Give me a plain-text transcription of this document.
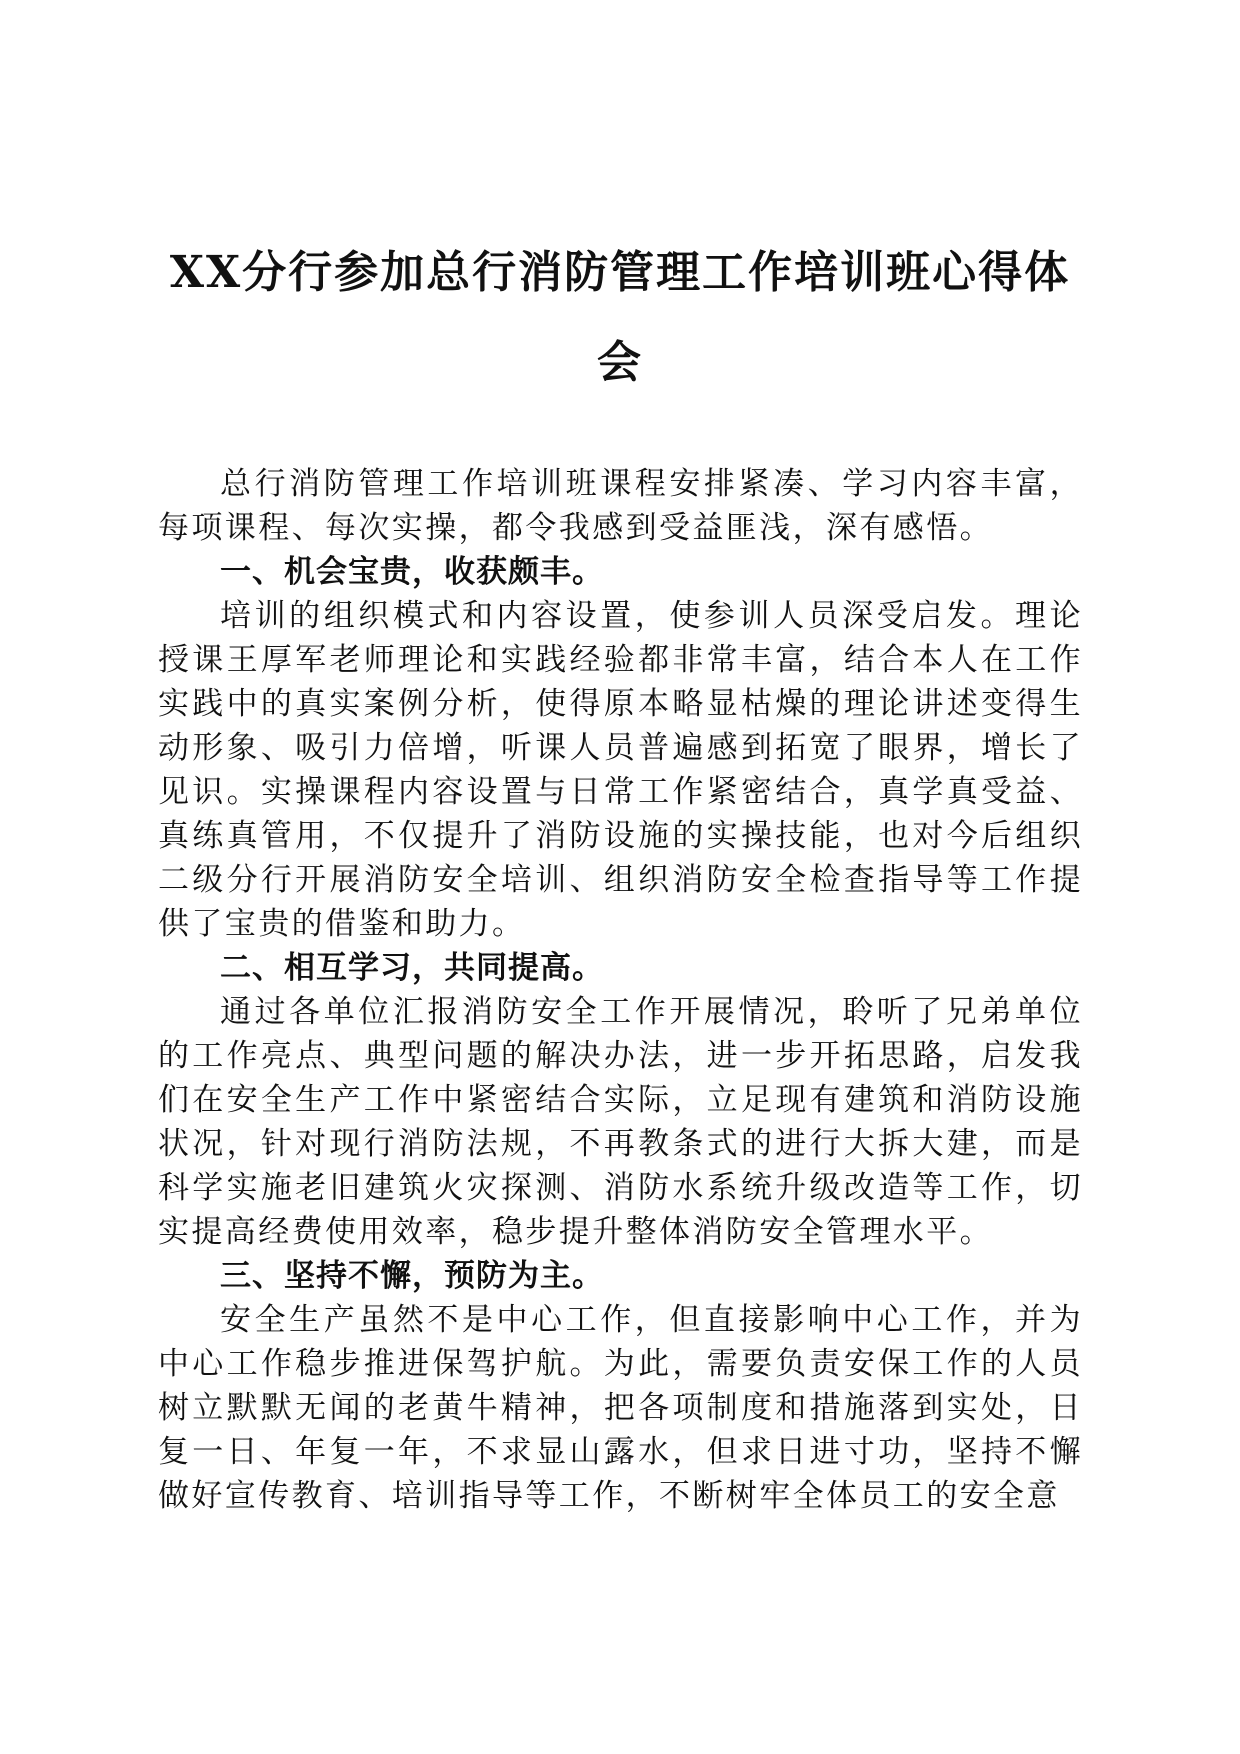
XX分行参加总行消防管理工作培训班心得体会

总行消防管理工作培训班课程安排紧凑、学习内容丰富，每项课程、每次实操，都令我感到受益匪浅，深有感悟。

一、机会宝贵，收获颇丰。

培训的组织模式和内容设置，使参训人员深受启发。理论授课王厚军老师理论和实践经验都非常丰富，结合本人在工作实践中的真实案例分析，使得原本略显枯燥的理论讲述变得生动形象、吸引力倍增，听课人员普遍感到拓宽了眼界，增长了见识。实操课程内容设置与日常工作紧密结合，真学真受益、真练真管用，不仅提升了消防设施的实操技能，也对今后组织二级分行开展消防安全培训、组织消防安全检查指导等工作提供了宝贵的借鉴和助力。

二、相互学习，共同提高。

通过各单位汇报消防安全工作开展情况，聆听了兄弟单位的工作亮点、典型问题的解决办法，进一步开拓思路，启发我们在安全生产工作中紧密结合实际，立足现有建筑和消防设施状况，针对现行消防法规，不再教条式的进行大拆大建，而是科学实施老旧建筑火灾探测、消防水系统升级改造等工作，切实提高经费使用效率，稳步提升整体消防安全管理水平。

三、坚持不懈，预防为主。

安全生产虽然不是中心工作，但直接影响中心工作，并为中心工作稳步推进保驾护航。为此，需要负责安保工作的人员树立默默无闻的老黄牛精神，把各项制度和措施落到实处，日复一日、年复一年，不求显山露水，但求日进寸功，坚持不懈做好宣传教育、培训指导等工作，不断树牢全体员工的安全意
